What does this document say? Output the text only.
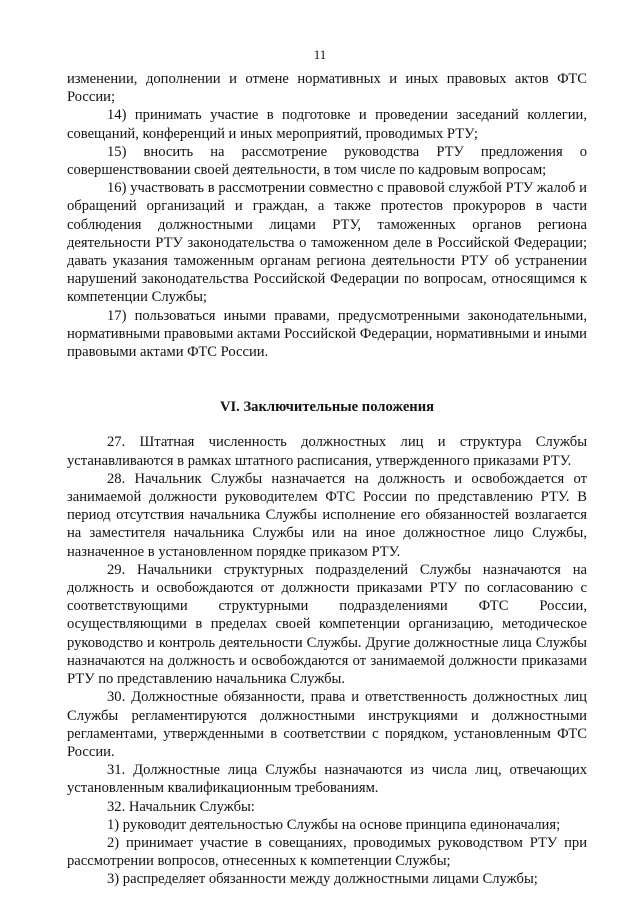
11

изменении, дополнении и отмене нормативных и иных правовых актов ФТС России;

14) принимать участие в подготовке и проведении заседаний коллегии, совещаний, конференций и иных мероприятий, проводимых РТУ;

15) вносить на рассмотрение руководства РТУ предложения о совершенствовании своей деятельности, в том числе по кадровым вопросам;

16) участвовать в рассмотрении совместно с правовой службой РТУ жалоб и обращений организаций и граждан, а также протестов прокуроров в части соблюдения должностными лицами РТУ, таможенных органов региона деятельности РТУ законодательства о таможенном деле в Российской Федерации; давать указания таможенным органам региона деятельности РТУ об устранении нарушений законодательства Российской Федерации по вопросам, относящимся к компетенции Службы;

17) пользоваться иными правами, предусмотренными законодательными, нормативными правовыми актами Российской Федерации, нормативными и иными правовыми актами ФТС России.

VI. Заключительные положения

27. Штатная численность должностных лиц и структура Службы устанавливаются в рамках штатного расписания, утвержденного приказами РТУ.

28. Начальник Службы назначается на должность и освобождается от занимаемой должности руководителем ФТС России по представлению РТУ. В период отсутствия начальника Службы исполнение его обязанностей возлагается на заместителя начальника Службы или на иное должностное лицо Службы, назначенное в установленном порядке приказом РТУ.

29. Начальники структурных подразделений Службы назначаются на должность и освобождаются от должности приказами РТУ по согласованию с соответствующими структурными подразделениями ФТС России, осуществляющими в пределах своей компетенции организацию, методическое руководство и контроль деятельности Службы. Другие должностные лица Службы назначаются на должность и освобождаются от занимаемой должности приказами РТУ по представлению начальника Службы.

30. Должностные обязанности, права и ответственность должностных лиц Службы регламентируются должностными инструкциями и должностными регламентами, утвержденными в соответствии с порядком, установленным ФТС России.

31. Должностные лица Службы назначаются из числа лиц, отвечающих установленным квалификационным требованиям.

32. Начальник Службы:

1) руководит деятельностью Службы на основе принципа единоначалия;

2) принимает участие в совещаниях, проводимых руководством РТУ при рассмотрении вопросов, отнесенных к компетенции Службы;

3) распределяет обязанности между должностными лицами Службы;
